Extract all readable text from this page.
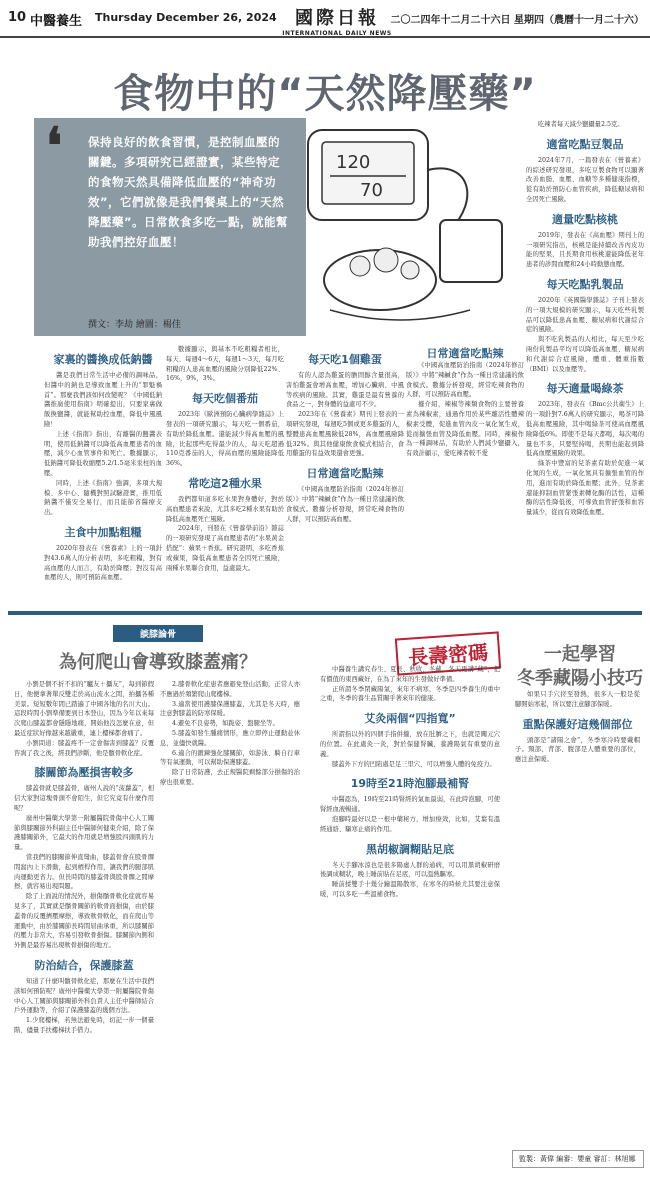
10 中醫養生 Thursday December 26, 2024	國際日報
INTERNATIONAL DAILY NEWS
二〇二四年十二月二十六日 星期四（農曆十一月二十六）
食物中的“天然降壓藥”

保持良好的飲食習慣，是控制血壓的關鍵。多項研究已經證實，某些特定的食物天然具備降低血壓的“神奇功效”，它們就像是我們餐桌上的“天然降壓藥”。日常飲食多吃一點，就能幫助我們控好血壓！

撰文：李劫 繪圖：楊佳
❛	120
70
家裏的醬換成低鈉醬

醬是我們日常生活中必備的調味品，但醬中的鈉也是導致血壓上升的“罪魁禍首”。那麼我們該如何改變呢？《中國低鈉醬推廣使用指南》明確提出，只要家裏做飯換鹽醬，就能幫助控血壓，降低中風風險！

上述《指南》指出，有離醫的鹽醬表明，使用低鈉醬可以降低高血壓患者的血壓，減少心血管事件和死亡。數據顯示，低鈉醬可降低收縮壓5.2/1.5毫米汞柱的血壓。

同時，上述《指南》強調，多項大規模、多中心、隨機對照試驗證實，推用低鈉醬不僅安全易行，而且能節省醫療支出。

主食中加點粗糧

2020年發表在《營養素》上的一項針對43.6萬人的分析表明，多吃粗糧，對有高血壓的人而言，有助於降壓；對沒有高血壓的人，則可預防高血壓。

數據顯示，與基本不吃粗糧者相比，每天、每週4～6天，每週1～3天，每月吃粗糧的人患高血壓的風險分別降低22%、16%，9%，3%。

每天吃個番茄

2023年《歐洲預防心臟病學雜誌》上發表的一項研究顯示，每天吃一個番茄，有助於降低血壓。還能減少得高血壓的風險，比起那些吃得最少的人，每天吃超過110克番茄的人，得高血壓的風險能降低36%。

常吃這2種水果

我們都知道多吃水果對身體好，對於高血壓患者來說，尤其多吃2種水果有助於降低高血壓死亡風險。

2024年，刊發在《營養學前沿》雜誌的一項研究發現了高血壓患者的“水果黃金搭配”：蘋果＋香蕉。研究證明，多吃香蕉或蘋果，降低高血壓患者全因死亡風險，兩種水果聯合食用，益處最大。

每天吃1個雞蛋

有的人認為雞蛋的膽固醇含量很高，害怕雞蛋會增高血壓，增加心臟病、中風等疾病的風險。其實，雞蛋是最有營養的食品之一，對身體的益處可不少。

2023年在《營養素》期刊上發表的一項研究發現，每週吃5個或更多雞蛋的人，整體患高血壓風險低28%，高血壓風險降低32%。與其他健康飲食模式相結合，食用雞蛋的有益效果還會更強。

日常適當吃點辣

《中國高血壓防治指南（2024年修訂版）》中將“辣鹹食”作為一種日常建議的飲食模式。數據分析發現，經常吃辣食物的人群，可以預防高血壓。

日常適當吃點辣

《中國高血壓防治指南（2024年修訂版）》中將“辣鹹食”作為一種日常建議的飲食模式。數據分析發現，經常吃辣食物的人群，可以預防高血壓。

據介紹，辣椒等辣類食物的主要營養素為辣椒素，通過作用於某些離活性體辣椒素受體，促進血管內皮一氧化氮生成，從而擴張血管及降低血壓。同時，辣椒作為一種調味品，有助於人們減少鹽攝入，有效計顧示，愛吃辣者較不愛

吃辣者每天減少鹽攝量2.5克。

適當吃點豆製品

2024年7月，一篇發表在《營養素》的綜述研究發現，多吃豆製食物可以顯著改善血脂、血壓、血糖等多種健康指標，從有助於預防心血管疾病，降低糖尿病和全因死亡風險。

適量吃點核桃

2019年，發表在《高血壓》期刊上的一項研究指出，核桃是能持續改善內皮功能的堅果，且長期食用核桃還能降低老年患者的診間血壓和24小時動態血壓。

每天吃點乳製品

2020年《英國醫學雜誌》子刊上發表的一項大規模的研究顯示，每天吃些乳製品可以降低患高血壓、糖尿病和代謝綜合症的風險。

與不吃乳製品的人相比，每天至少吃兩份乳製品平均可以降低高血壓、糖尿病和代謝綜合症風險，體重、體重指數（BMI）以及血壓等。

每天適量喝綠茶

2023年，發表在《Bmc公共衛生》上的一項針對7.6萬人的研究顯示，喝茶可降低高血壓風險，其中喝綠茶可使高血壓風險降低6%。即使不是每天都喝，每次喝的量也不多，只要堅持喝，長期也能起到降低高血壓風險的效果。

綠茶中豐富的兒茶素有助於促進一氧化氮的生成，一氧化氮具有擴張血管的作用，進而有助於降低血壓；此外，兒茶素還能抑制血管緊張素轉化酶的活性，這種酶的活性降低後，可導致血管舒張和血容量減少，從而有效降低血壓。

談膝論骨
為何爬山會導致膝蓋痛？	長壽密碼	一起學習
冬季藏陽小技巧

小劉是個不折不扣的“驢友＋攝友”，每到節假日，他便拿著單反雙走於高山流水之間，拍攝各種美景。短短數年間已踏遍了中國各地的名川大山。這段時間小劉準備要到日本登山，因為今年以來每次爬山膝蓋都會隱隱地痛，開始他沒怎麼在意，但最近症狀好像越來越嚴重，連上樓梯都會痛了。

小劉問道：膝蓋疼不一定會傷害到膝蓋？反覆咨詢了我之後，經我們診斷，他是髕骨軟化症。

膝關節為壓損害較多

膝蓋骨就是膝蓋骨，廣州人說的“菠蘿蓋”，相信大家對這塊骨頭不會陌生，但它究竟有什麼作用呢？

廣州中醫藥大學第一附屬醫院骨傷中心人工關節與膝關節外科副主任中醫師何健東介紹，除了保護膝關節外，它最大的作用就是增強股四頭肌的力量。

當我們的膝關節伸直彎曲，膝蓋骨會在股骨髁間窩內上下滑動，起到槓桿作用，讓我們的腿部肌肉運動更省力。但長時間的膝蓋骨與股骨髁之間摩擦，就容易出現問題。

除了上面說的情況外，損傷髕骨軟化症就容易見多了，其實就是髕骨關節的軟骨面損傷，由於膝蓋骨的反覆擠壓摩擦，導致軟骨軟化，而在爬山等運動中，由於膝關節長時間屈曲承重，所以膝關節的壓力非常大，容易引發軟骨損傷。膝關節內側和外側是最容易出現軟骨損傷的地方。

防治結合，保護膝蓋

知道了什麼叫髕骨軟化症，那麼在生活中我們該如何預防呢？廣州中醫藥大學第一附屬醫院骨傷中心人工關節與膝關節外科負責人主任中醫師結合戶外運動等，介紹了保護膝蓋的幾個方法。

1.少爬樓梯，若無法避免時，切記一步一個臺階，儘量手扶樓梯扶手借力。

2.膝骨軟化症患者應避免登山活動，正常人亦不應過於頻繁爬山爬樓梯。

3.適當使用護膝保護膝蓋，尤其是冬天時，應注意對膝蓋的防寒保暖。

4.避免不良姿勢，如跪姿、盤腿坐等。

5.膝蓋如發生腫痛情形，應立即停止運動並休息，並儘快就醫。

6.適合的鍛鍊強化膝關節，如游泳、騎自行車等有氧運動，可以幫助保護膝蓋。

除了日常防護，去正規醫院剩餘部分損傷的治療也很重要。

中醫養生講究春生、夏長、秋收、冬藏，冬天更講“藏”，把有價值的東西藏好，在為了來年的生發做好準備。

正所謂冬季閉藏陽氣，來年不病寒，冬季是四季養生的重中之重，冬季的養生品質關乎著來年的健康。

艾灸兩個“四指寬”

所謂指以外的四個手指併攏，放在肚臍之下，也就是關元穴的位置。在此處灸一灸，對於保健腎臟，養護陽氣有重要的意義。

膝蓋外下方的凹陷處是足三里穴，可以增強人體的免疫力。

19時至21時泡腳最補腎

中醫認為，19時至21時腎經的氣血最弱，在此時泡腳，可使腎經血液暢通。

泡腳時最好以是一根中藥秘方，增加療效，比如，艾葉有溫經通絡、驅寒止痛的作用。

黑胡椒調糊貼足底

冬天手腳冰涼也是很多陽虛人群的通病，可以用黑胡椒研磨後調成糊狀，晚上睡前貼在足底，可以溫熱驅寒。

睡前揉雙手十幾分鐘溫陽散寒，在寒冬的時候尤其要注意保暖，可以多吃一些溫補食物。

如果只手穴搓至發熱，很多人一般是從腳開始寒起，所以要注意腳部保暖。

重點保護好這幾個部位

頭部是“諸陽之會”，冬季寒冷時要戴帽子。頸部、背部、腹部是人體重要的部位，應注意保暖。

監製：黃偉 編審：嬰童 審訂：林旭娜
